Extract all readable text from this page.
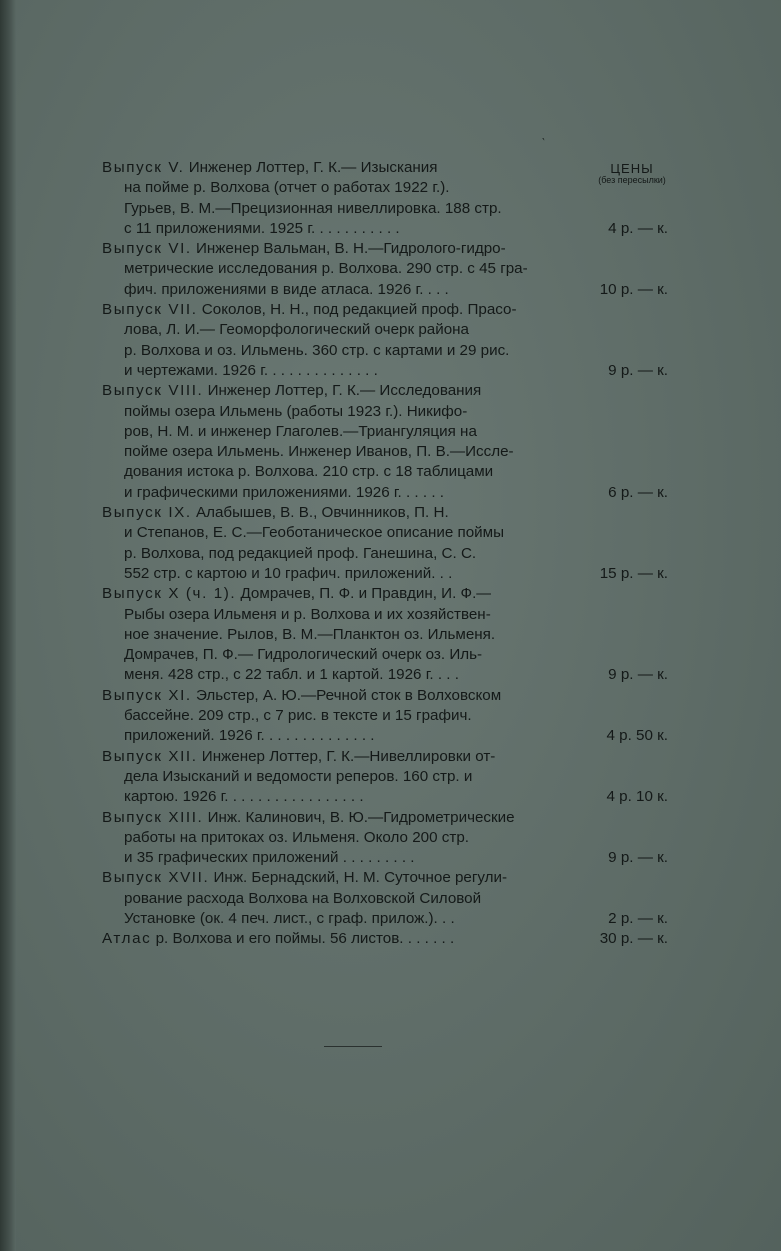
‵
ЦЕНЫ
(без пересылки)
Выпуск V. Инженер Лоттер, Г. К.— Изыскания
на пойме р. Волхова (отчет о работах 1922 г.).
Гурьев, В. М.—Прецизионная нивеллировка. 188 стр.
с 11 приложениями. 1925 г. . . . . . . . . . .	4 р. — к.
Выпуск VI. Инженер Вальман, В. Н.—Гидролого-гидро-
метрические исследования р. Волхова. 290 стр. с 45 гра-
фич. приложениями в виде атласа. 1926 г. . . .	10 р. — к.
Выпуск VII. Соколов, Н. Н., под редакцией проф. Прасо-
лова, Л. И.— Геоморфологический очерк района
р. Волхова и оз. Ильмень. 360 стр. с картами и 29 рис.
и чертежами. 1926 г. . . . . . . . . . . . . .	9 р. — к.
Выпуск VIII. Инженер Лоттер, Г. К.— Исследования
поймы озера Ильмень (работы 1923 г.). Никифо-
ров, Н. М. и инженер Глаголев.—Триангуляция на
пойме озера Ильмень. Инженер Иванов, П. В.—Иссле-
дования истока р. Волхова. 210 стр. с 18 таблицами
и графическими приложениями. 1926 г. . . . . .	6 р. — к.
Выпуск IX. Алабышев, В. В., Овчинников, П. Н.
и Степанов, Е. С.—Геоботаническое описание поймы
р. Волхова, под редакцией проф. Ганешина, С. С.
552 стр. с картою и 10 графич. приложений. . .	15 р. — к.
Выпуск X (ч. 1). Домрачев, П. Ф. и Правдин, И. Ф.—
Рыбы озера Ильменя и р. Волхова и их хозяйствен-
ное значение. Рылов, В. М.—Планктон оз. Ильменя.
Домрачев, П. Ф.— Гидрологический очерк оз. Иль-
меня. 428 стр., с 22 табл. и 1 картой. 1926 г. . . .	9 р. — к.
Выпуск XI. Эльстер, А. Ю.—Речной сток в Волховском
бассейне. 209 стр., с 7 рис. в тексте и 15 графич.
приложений. 1926 г. . . . . . . . . . . . . .	4 р. 50 к.
Выпуск XII. Инженер Лоттер, Г. К.—Нивеллировки от-
дела Изысканий и ведомости реперов. 160 стр. и
картою. 1926 г. . . . . . . . . . . . . . . . .	4 р. 10 к.
Выпуск XIII. Инж. Калинович, В. Ю.—Гидрометрические
работы на притоках оз. Ильменя. Около 200 стр.
и 35 графических приложений . . . . . . . . .	9 р. — к.
Выпуск XVII. Инж. Бернадский, Н. М. Суточное регули-
рование расхода Волхова на Волховской Силовой
Установке (ок. 4 печ. лист., с граф. прилож.). . .	2 р. — к.
Атлас р. Волхова и его поймы. 56 листов. . . . . . .	30 р. — к.
